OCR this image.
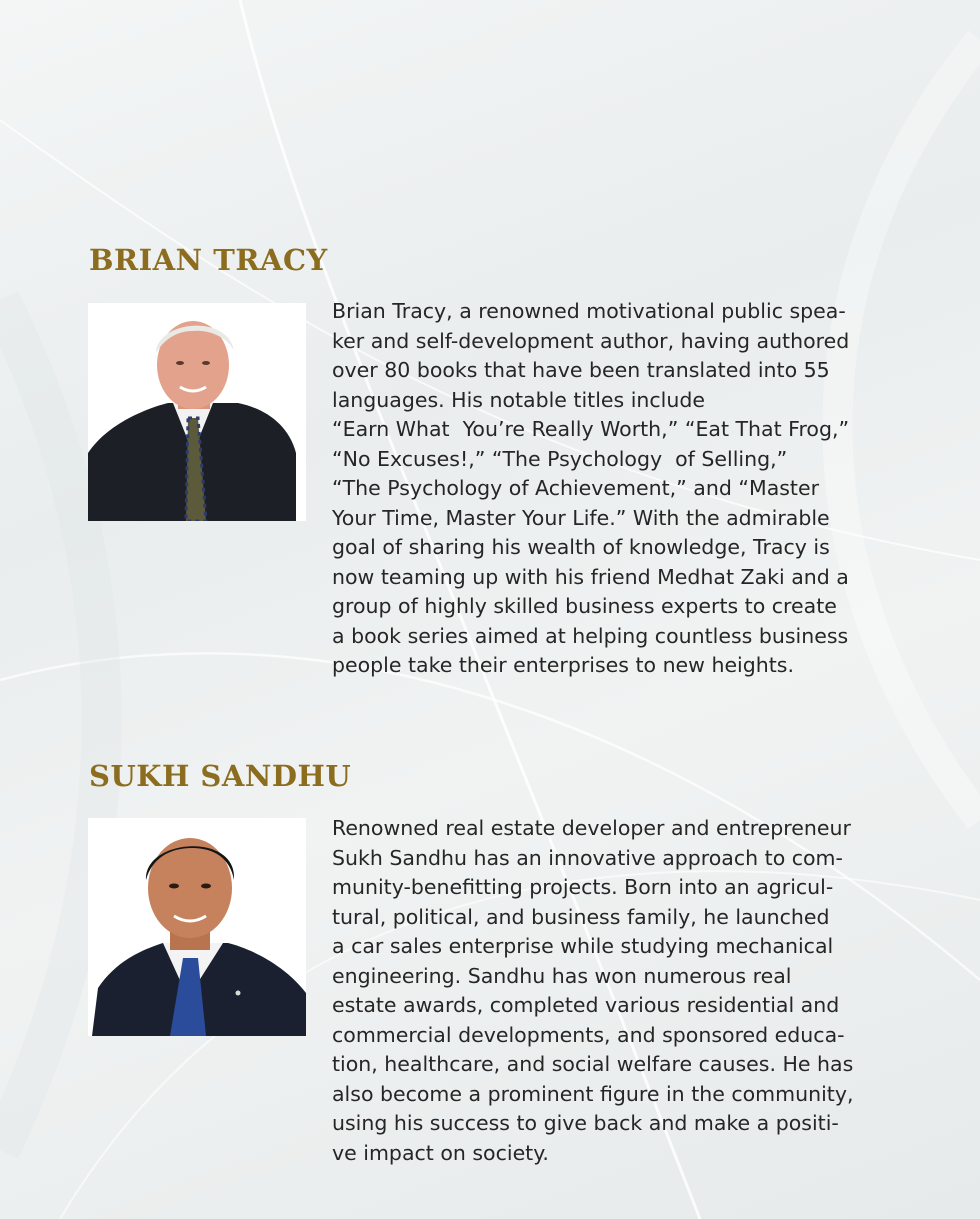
BRIAN TRACY
Brian Tracy, a renowned motivational public spea-
ker and self-development author, having authored
over 80 books that have been translated into 55
languages. His notable titles include
“Earn What  You’re Really Worth,” “Eat That Frog,”
“No Excuses!,” “The Psychology  of Selling,”
“The Psychology of Achievement,” and “Master
Your Time, Master Your Life.” With the admirable
goal of sharing his wealth of knowledge, Tracy is
now teaming up with his friend Medhat Zaki and a
group of highly skilled business experts to create
a book series aimed at helping countless business
people take their enterprises to new heights.
SUKH SANDHU
Renowned real estate developer and entrepreneur
Sukh Sandhu has an innovative approach to com-
munity-benefitting projects. Born into an agricul-
tural, political, and business family, he launched
a car sales enterprise while studying mechanical
engineering. Sandhu has won numerous real
estate awards, completed various residential and
commercial developments, and sponsored educa-
tion, healthcare, and social welfare causes. He has
also become a prominent figure in the community,
using his success to give back and make a positi-
ve impact on society.
